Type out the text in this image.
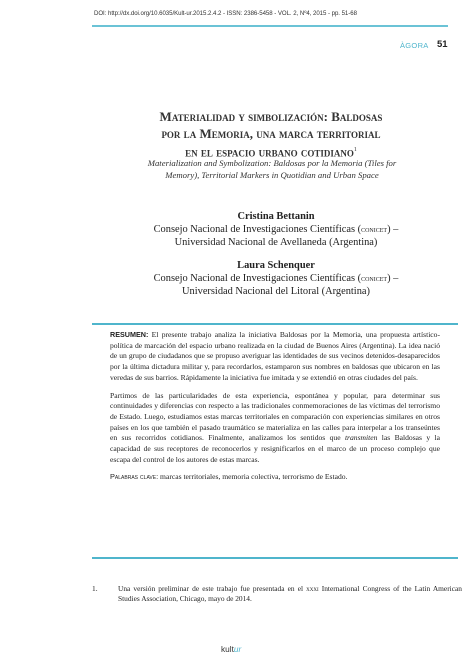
DOI: http://dx.doi.org/10.6035/Kult-ur.2015.2.4.2 - ISSN: 2386-5458 - VOL. 2, Nº4, 2015 - pp. 51-68
ÀGORA 51
Materialidad y simbolización: Baldosas
por la Memoria, una marca territorial
en el espacio urbano cotidiano$^1$
Materialization and Symbolization: Baldosas por la Memoria (Tiles for
Memory), Territorial Markers in Quotidian and Urban Space
Cristina Bettanin
Consejo Nacional de Investigaciones Científicas (conicet) –
Universidad Nacional de Avellaneda (Argentina)
Laura Schenquer
Consejo Nacional de Investigaciones Científicas (conicet) –
Universidad Nacional del Litoral (Argentina)

RESUMEN: El presente trabajo analiza la iniciativa Baldosas por la Memoria, una propuesta artístico-política de marcación del espacio urbano realizada en la ciudad de Buenos Aires (Argentina). La idea nació de un grupo de ciudadanos que se propuso averiguar las identidades de sus vecinos detenidos-desaparecidos por la última dictadura militar y, para recordarlos, estamparon sus nombres en baldosas que ubicaron en las veredas de sus barrios. Rápidamente la iniciativa fue imitada y se extendió en otras ciudades del país.

Partimos de las particularidades de esta experiencia, espontánea y popular, para determinar sus continuidades y diferencias con respecto a las tradicionales conmemoraciones de las víctimas del terrorismo de Estado. Luego, estudiamos estas marcas territoriales en comparación con experiencias similares en otros países en los que también el pasado traumático se materializa en las calles para interpelar a los transeúntes en sus recorridos cotidianos. Finalmente, analizamos los sentidos que transmiten las Baldosas y la capacidad de sus receptores de reconocerlos y resignificarlos en el marco de un proceso complejo que escapa del control de los autores de estas marcas.

Palabras clave: marcas territoriales, memoria colectiva, terrorismo de Estado.

1.	Una versión preliminar de este trabajo fue presentada en el xxxi International Congress of the Latin American Studies Association, Chicago, mayo de 2014.
kultur
